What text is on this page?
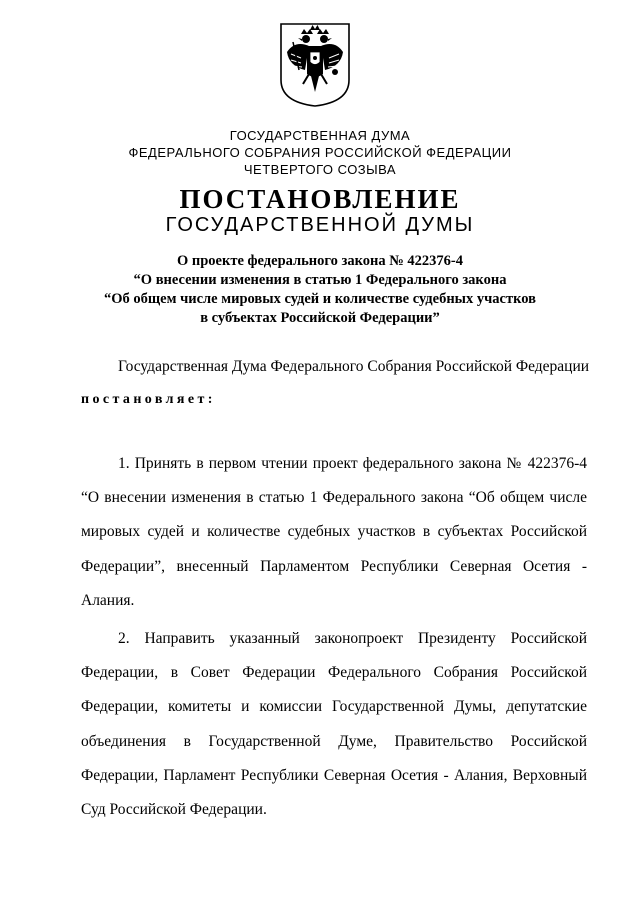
ГОСУДАРСТВЕННАЯ ДУМА
ФЕДЕРАЛЬНОГО СОБРАНИЯ РОССИЙСКОЙ ФЕДЕРАЦИИ
ЧЕТВЕРТОГО СОЗЫВА
ПОСТАНОВЛЕНИЕ
ГОСУДАРСТВЕННОЙ ДУМЫ
О проекте федерального закона № 422376-4
“О внесении изменения в статью 1 Федерального закона
“Об общем числе мировых судей и количестве судебных участков
в субъектах Российской Федерации”
Государственная Дума Федерального Собрания Российской Федерации
постановляет:
1. Принять в первом чтении проект федерального закона № 422376-4 “О внесении изменения в статью 1 Федерального закона “Об общем числе мировых судей и количестве судебных участков в субъектах Российской Федерации”, внесенный Парламентом Республики Северная Осетия - Алания.
2. Направить указанный законопроект Президенту Российской Федерации, в Совет Федерации Федерального Собрания Российской Федерации, комитеты и комиссии Государственной Думы, депутатские объединения в Государственной Думе, Правительство Российской Федерации, Парламент Республики Северная Осетия - Алания, Верховный Суд Российской Федерации.
